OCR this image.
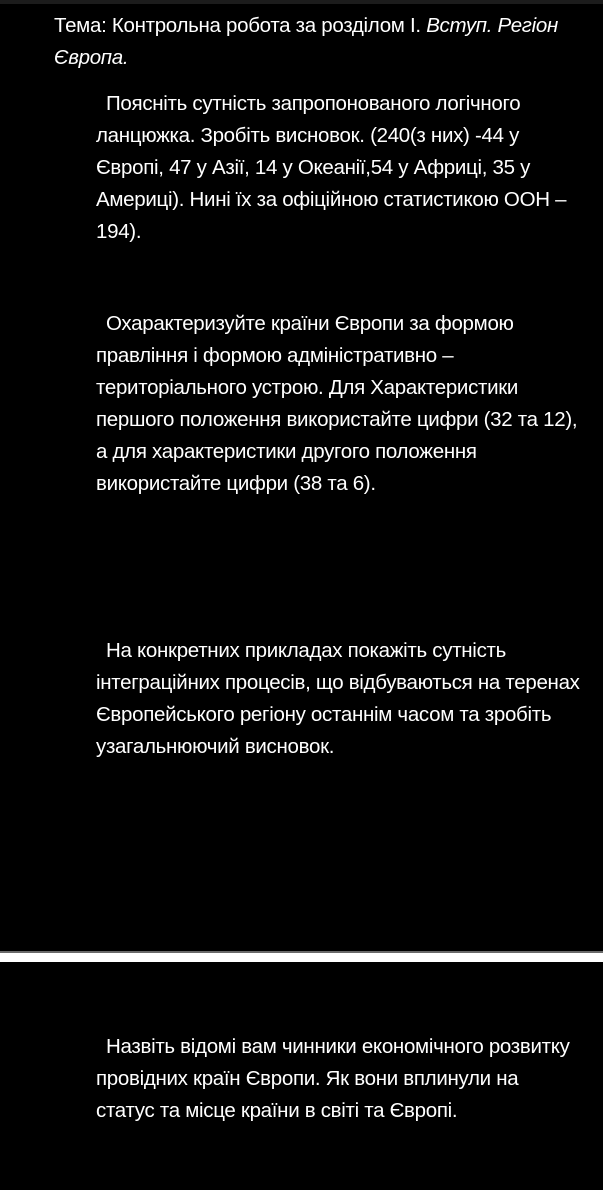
Тема: Контрольна робота за розділом І. Вступ. Регіон Європа.

Поясніть сутність запропонованого логічного ланцюжка. Зробіть висновок. (240(з них) -44 у Європі, 47 у Азії, 14 у Океанії,54 у Африці, 35 у Америці). Нині їх за офіційною статистикою ООН – 194).

Охарактеризуйте країни Європи за формою правління і формою адміністративно – територіального устрою. Для Характеристики першого положення використайте цифри (32 та 12), а для характеристики другого положення використайте цифри (38 та 6).

На конкретних прикладах покажіть сутність інтеграційних процесів, що відбуваються на теренах Європейського регіону останнім часом та зробіть узагальнюючий висновок.

Назвіть відомі вам чинники економічного розвитку провідних країн Європи. Як вони вплинули на статус та місце країни в світі та Європі.
